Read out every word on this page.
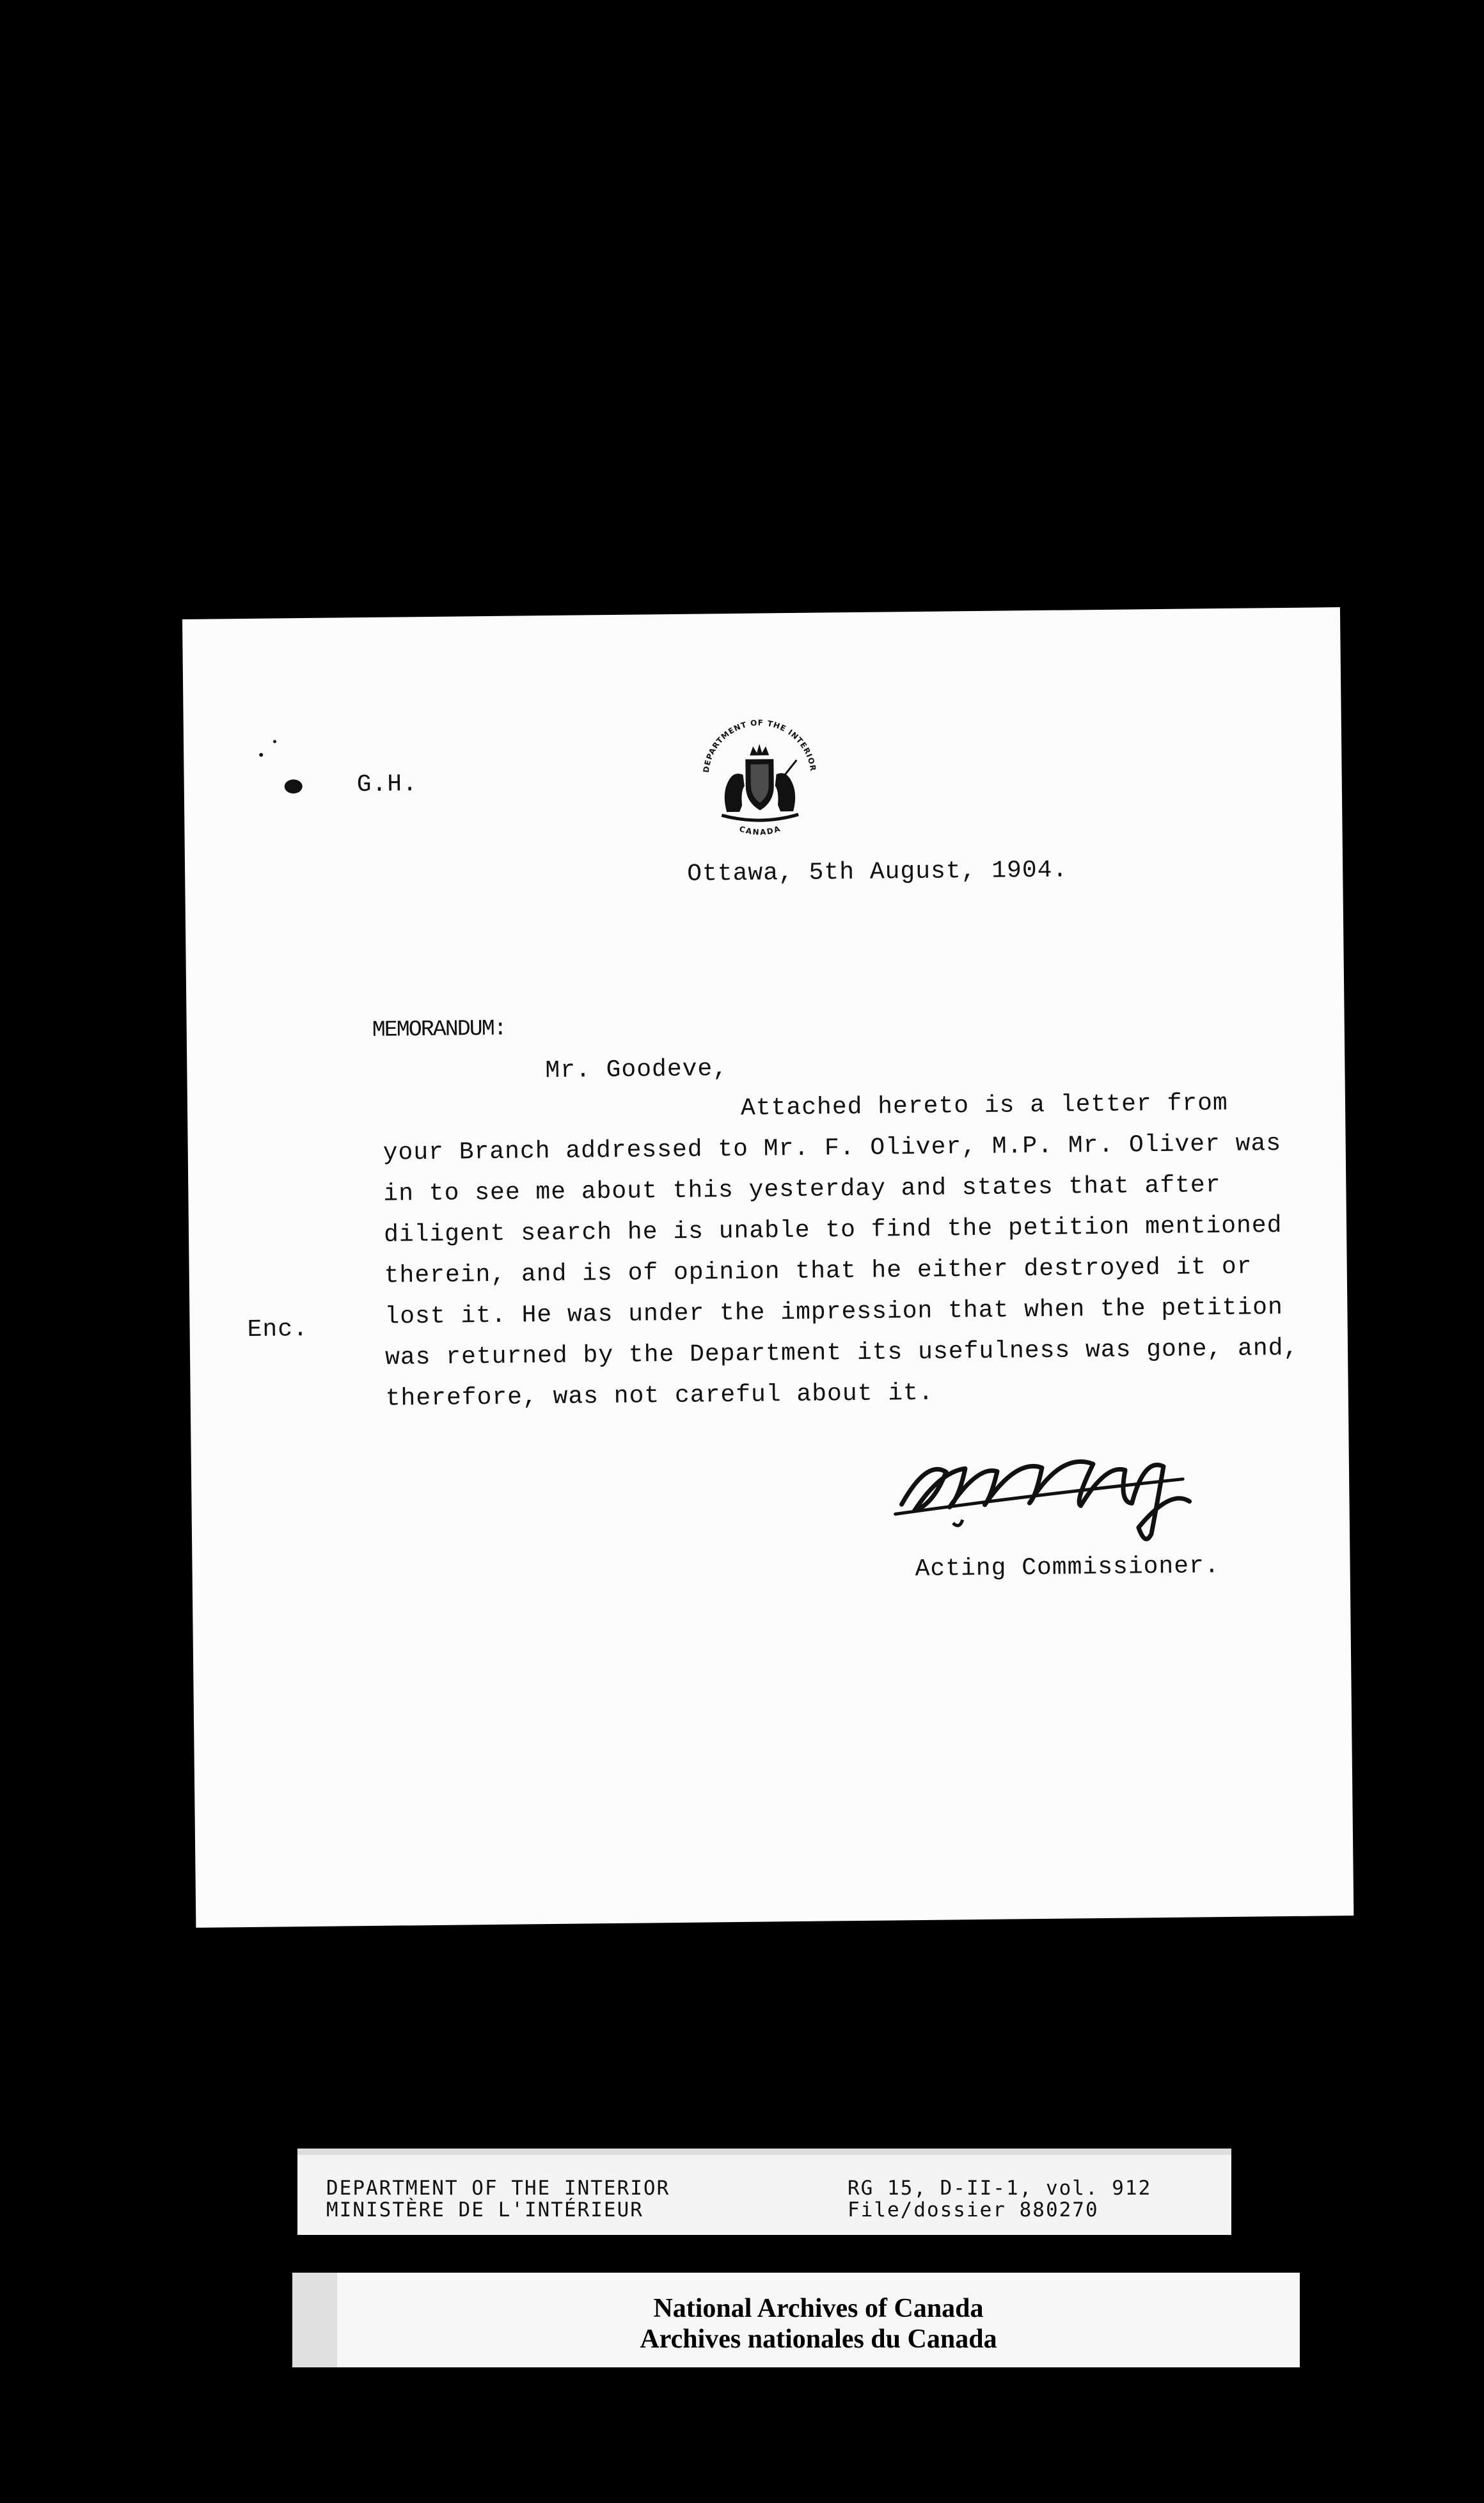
G.H.
DEPARTMENT OF THE INTERIOR
CANADA
Ottawa, 5th August, 1904.
MEMORANDUM:
Mr. Goodeve,
Attached hereto is a letter from
your Branch addressed to Mr. F. Oliver, M.P. Mr. Oliver was
in to see me about this yesterday and states that after
diligent search he is unable to find the petition mentioned
therein, and is of opinion that he either destroyed it or
lost it. He was under the impression that when the petition
was returned by the Department its usefulness was gone, and,
therefore, was not careful about it.
Enc.
Acting Commissioner.
DEPARTMENT OF THE INTERIOR
MINISTÈRE DE L'INTÉRIEUR
RG 15, D-II-1, vol. 912
File/dossier 880270
National Archives of Canada
Archives nationales du Canada
